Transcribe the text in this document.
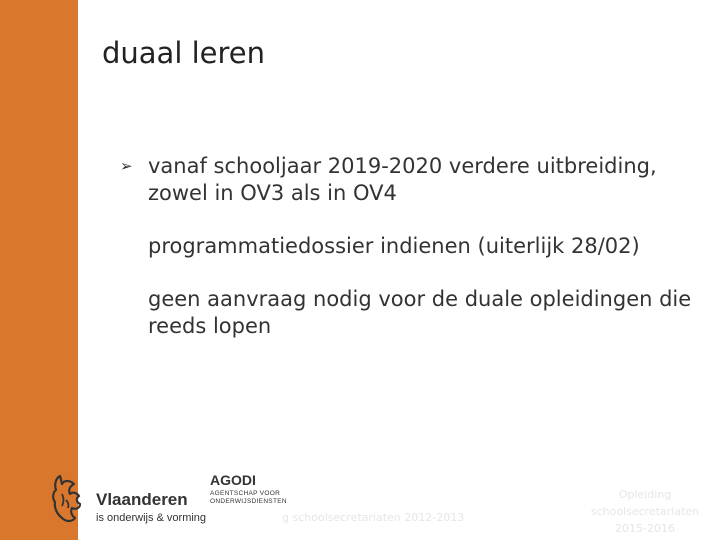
duaal leren
➢ vanaf schooljaar 2019-2020 verdere uitbreiding, zowel in OV3 als in OV4
programmatiedossier indienen (uiterlijk 28/02)
geen aanvraag nodig voor de duale opleidingen die reeds lopen
Vlaanderen
is onderwijs & vorming
AGODI
AGENTSCHAP VOOR
ONDERWIJSDIENSTEN
g schoolsecretariaten 2012-2013
Opleiding
schoolsecretariaten
2015-2016
